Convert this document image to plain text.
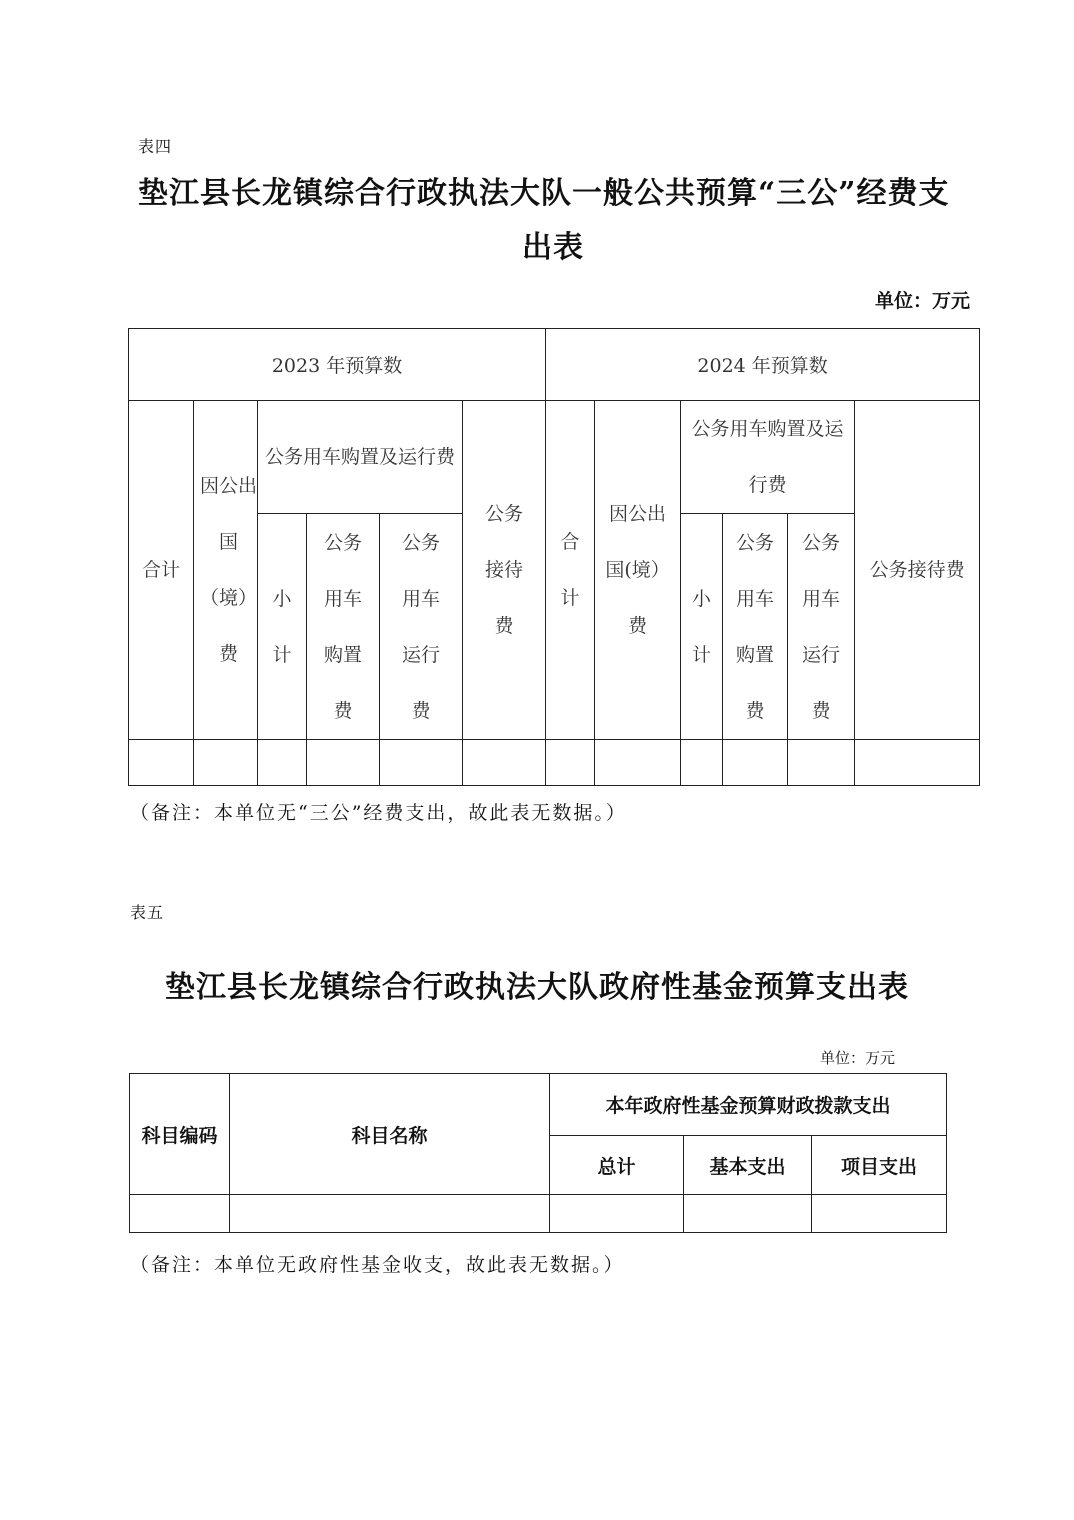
表四
垫江县长龙镇综合行政执法大队一般公共预算“三公”经费支
出表
单位：万元
2023 年预算数						2024 年预算数					
合计	因公出国（境）费	公务用车购置及运行费			公务接待费	合计	因公出国(境）费	公务用车购置及运行费			公务接待费
		小计	公务用车购置费	公务用车运行费				小计	公务用车购置费	公务用车运行费	

（备注：本单位无“三公”经费支出，故此表无数据。）
表五
垫江县长龙镇综合行政执法大队政府性基金预算支出表
单位：万元
科目编码	科目名称	本年政府性基金预算财政拨款支出		
		总计	基本支出	项目支出

（备注：本单位无政府性基金收支，故此表无数据。）
